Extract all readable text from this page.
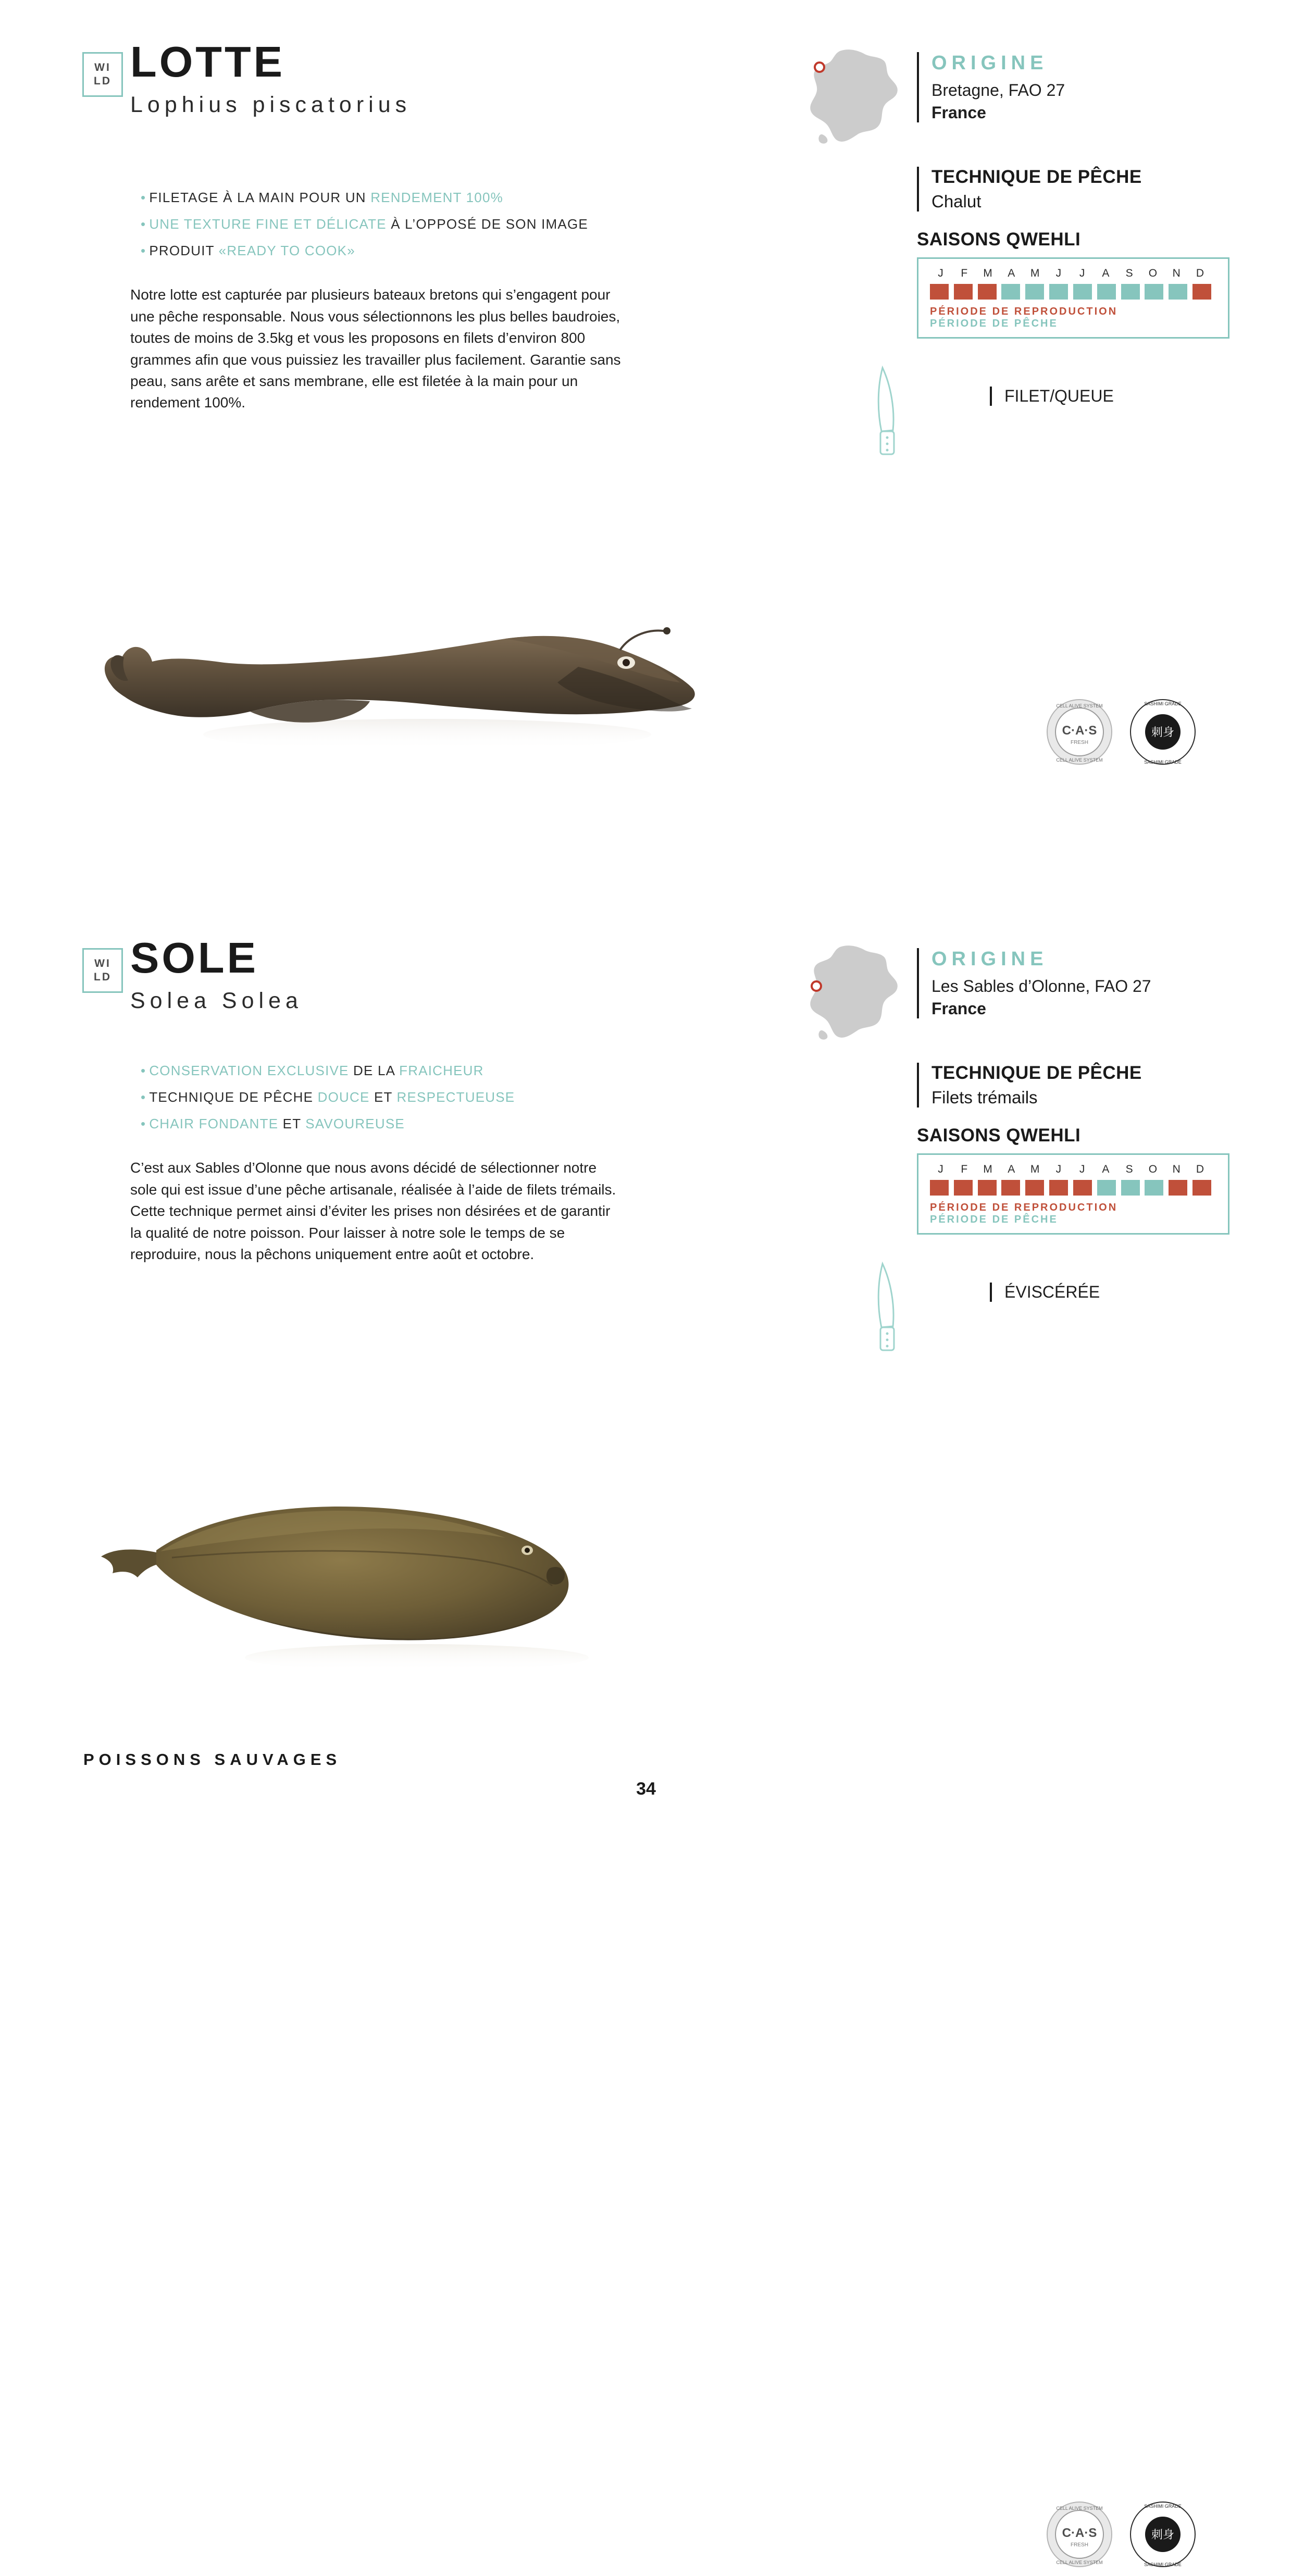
WI
LD LOTTE
Lophius piscatorius
• FILETAGE À LA MAIN POUR UN RENDEMENT 100%
• UNE TEXTURE FINE ET DÉLICATE À L’OPPOSÉ DE SON IMAGE
• PRODUIT «READY TO COOK»
Notre lotte est capturée par plusieurs bateaux bretons qui s’engagent pour une pêche responsable. Nous vous sélectionnons les plus belles baudroies, toutes de moins de 3.5kg et vous les proposons en filets d’environ 800 grammes afin que vous puissiez les travailler plus facilement. Garantie sans peau, sans arête et sans membrane, elle est filetée à la main pour un rendement 100%.
ORIGINE
Bretagne, FAO 27
France
TECHNIQUE DE PÊCHE
Chalut
SAISONS QWEHLI
J	F	M	A	M	J	J	A	S	O	N	D
PÉRIODE DE REPRODUCTION
PÉRIODE DE PÊCHE
FILET/QUEUE
C·A·S
FRESH
CELL ALIVE SYSTEM
CELL ALIVE SYSTEM
刺身
SASHIMI GRADE
SASHIMI GRADE
WI
LD SOLE
Solea Solea
• CONSERVATION EXCLUSIVE DE LA FRAICHEUR
• TECHNIQUE DE PÊCHE DOUCE ET RESPECTUEUSE
• CHAIR FONDANTE ET SAVOUREUSE
C’est aux Sables d’Olonne que nous avons décidé de sélectionner notre sole qui est issue d’une pêche artisanale, réalisée à l’aide de filets trémails. Cette technique permet ainsi d’éviter les prises non désirées et de garantir la qualité de notre poisson. Pour laisser à notre sole le temps de se reproduire, nous la pêchons uniquement entre août et octobre.
ORIGINE
Les Sables d’Olonne, FAO 27
France
TECHNIQUE DE PÊCHE
Filets trémails
SAISONS QWEHLI
J	F	M	A	M	J	J	A	S	O	N	D
PÉRIODE DE REPRODUCTION
PÉRIODE DE PÊCHE
ÉVISCÉRÉE
C·A·S
FRESH
CELL ALIVE SYSTEM
CELL ALIVE SYSTEM
刺身
SASHIMI GRADE
SASHIMI GRADE
POISSONS SAUVAGES
34
